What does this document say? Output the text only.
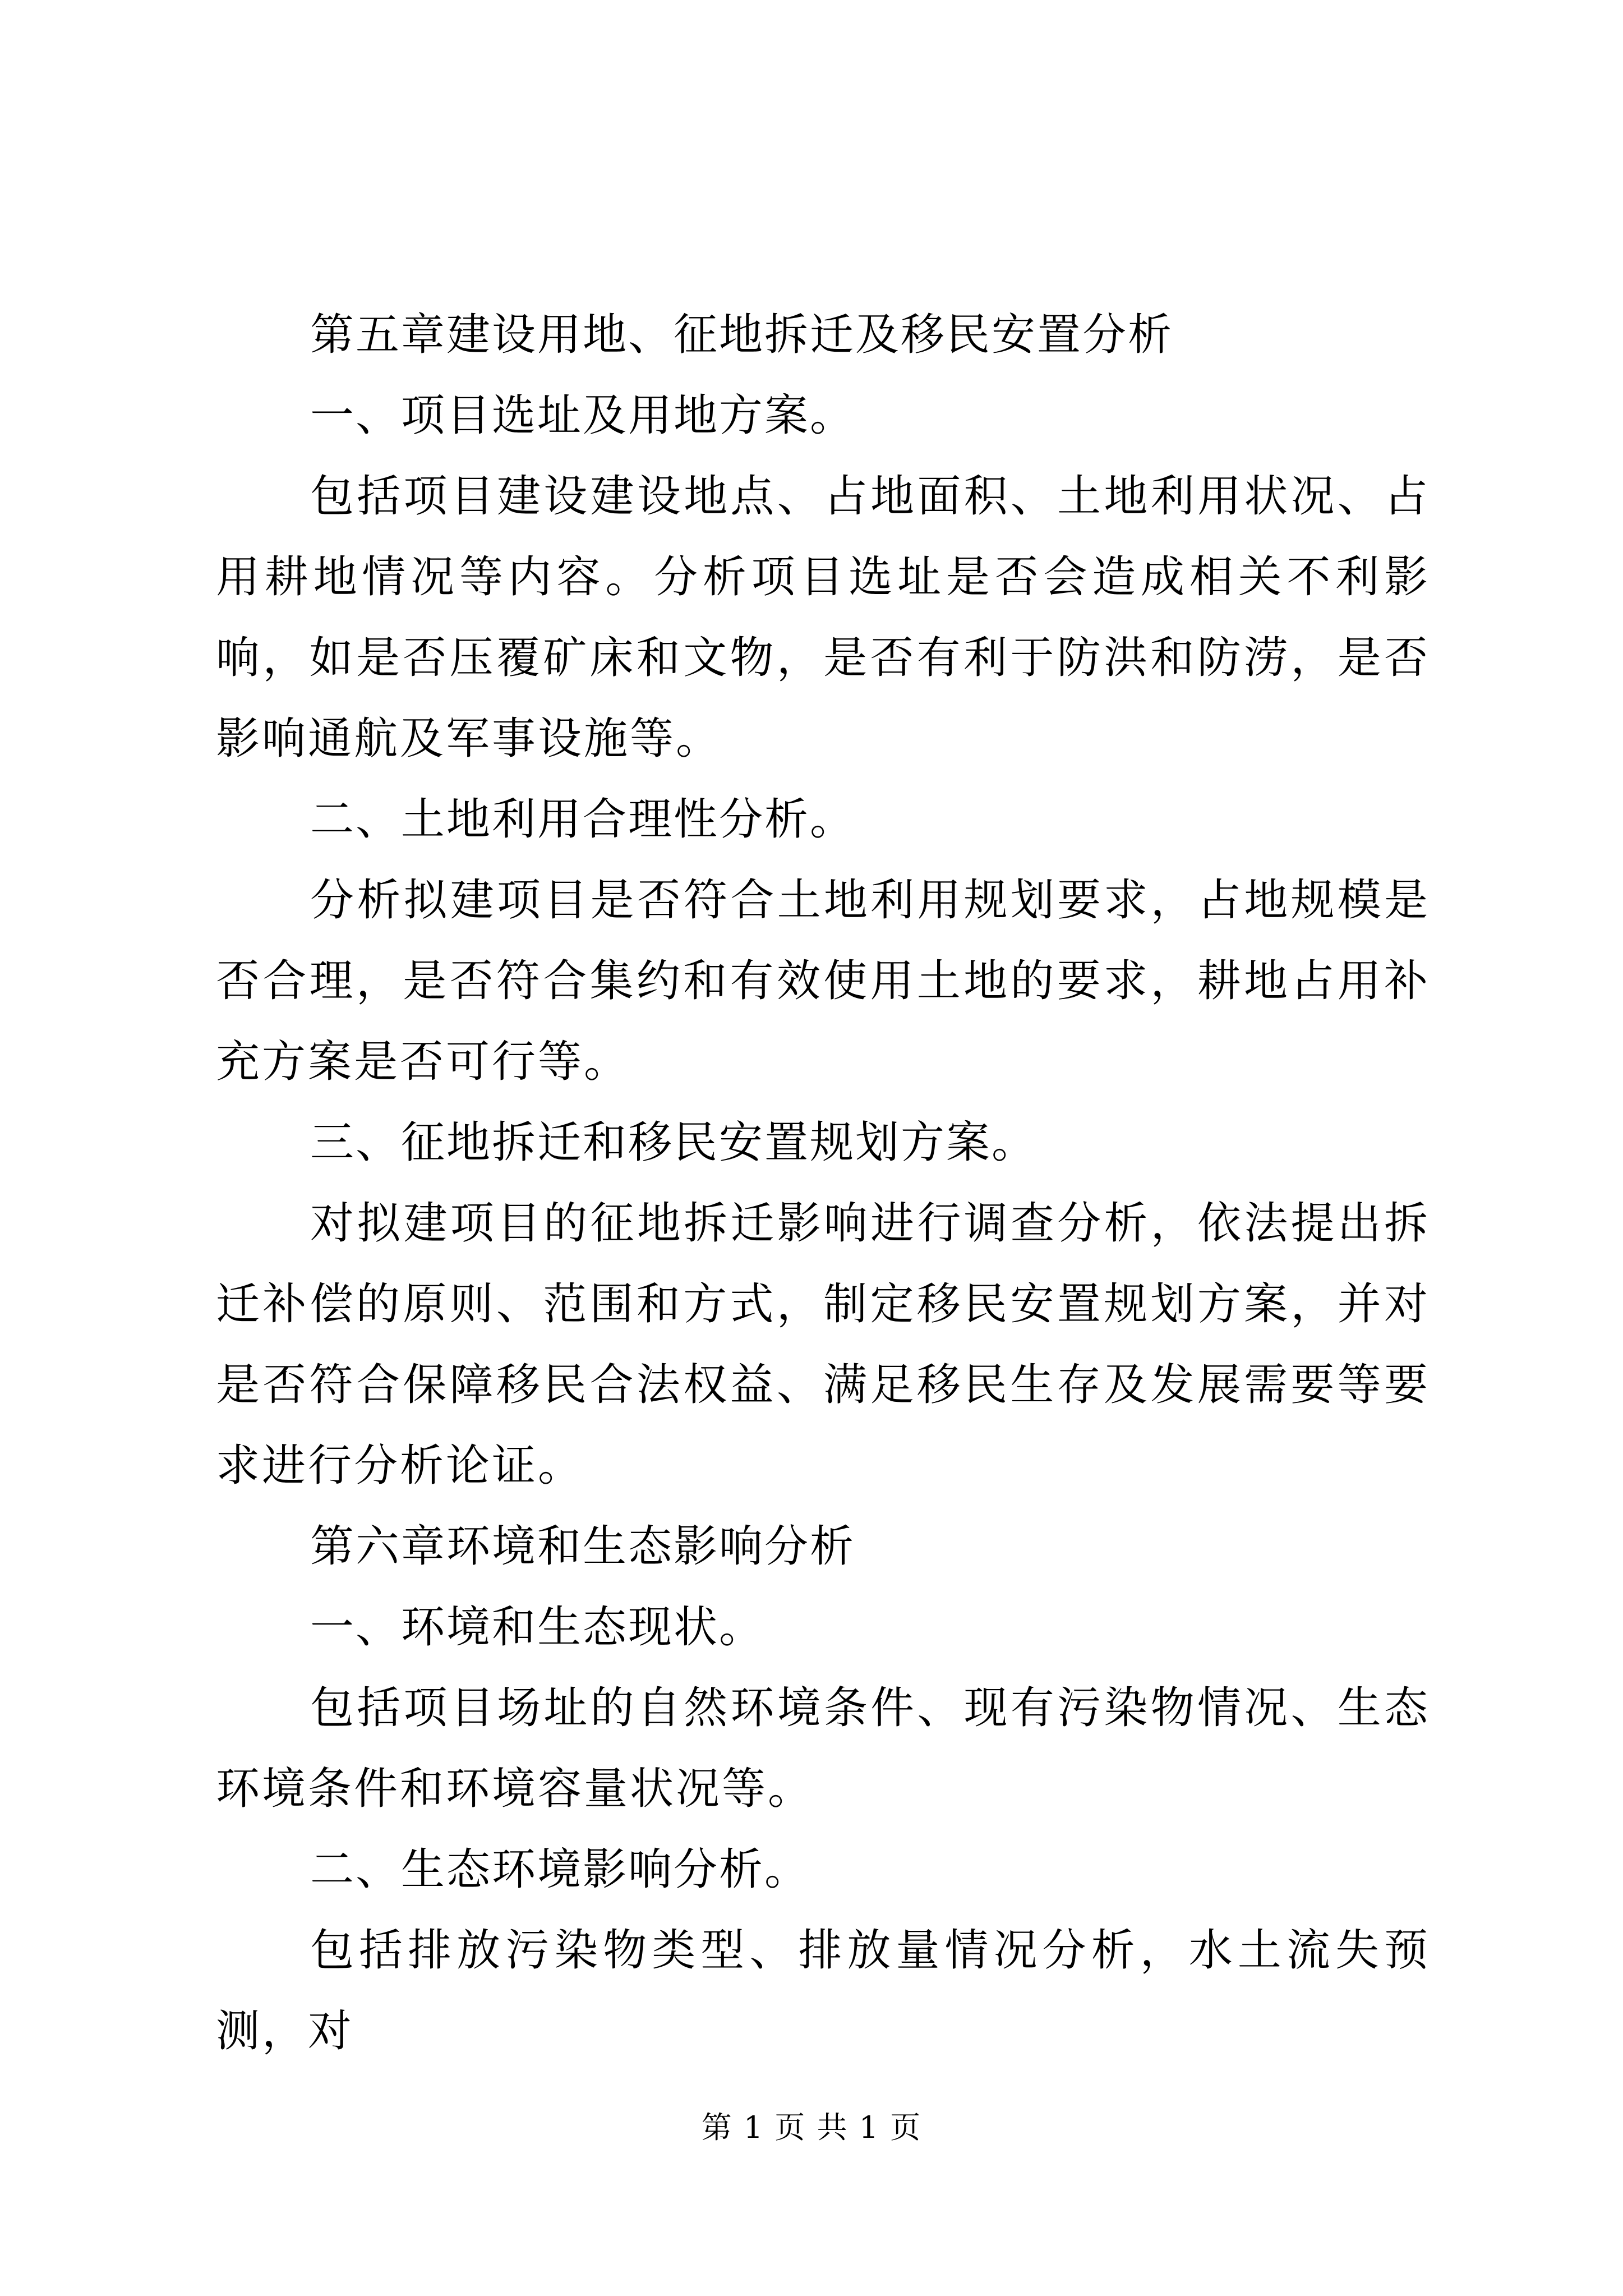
第五章建设用地、征地拆迁及移民安置分析

一、项目选址及用地方案。

包括项目建设建设地点、占地面积、土地利用状况、占用耕地情况等内容。分析项目选址是否会造成相关不利影响，如是否压覆矿床和文物，是否有利于防洪和防涝，是否影响通航及军事设施等。

二、土地利用合理性分析。

分析拟建项目是否符合土地利用规划要求，占地规模是否合理，是否符合集约和有效使用土地的要求，耕地占用补充方案是否可行等。

三、征地拆迁和移民安置规划方案。

对拟建项目的征地拆迁影响进行调查分析，依法提出拆迁补偿的原则、范围和方式，制定移民安置规划方案，并对是否符合保障移民合法权益、满足移民生存及发展需要等要求进行分析论证。

第六章环境和生态影响分析

一、环境和生态现状。

包括项目场址的自然环境条件、现有污染物情况、生态环境条件和环境容量状况等。

二、生态环境影响分析。

包括排放污染物类型、排放量情况分析，水土流失预测，对

第 1 页 共 1 页
